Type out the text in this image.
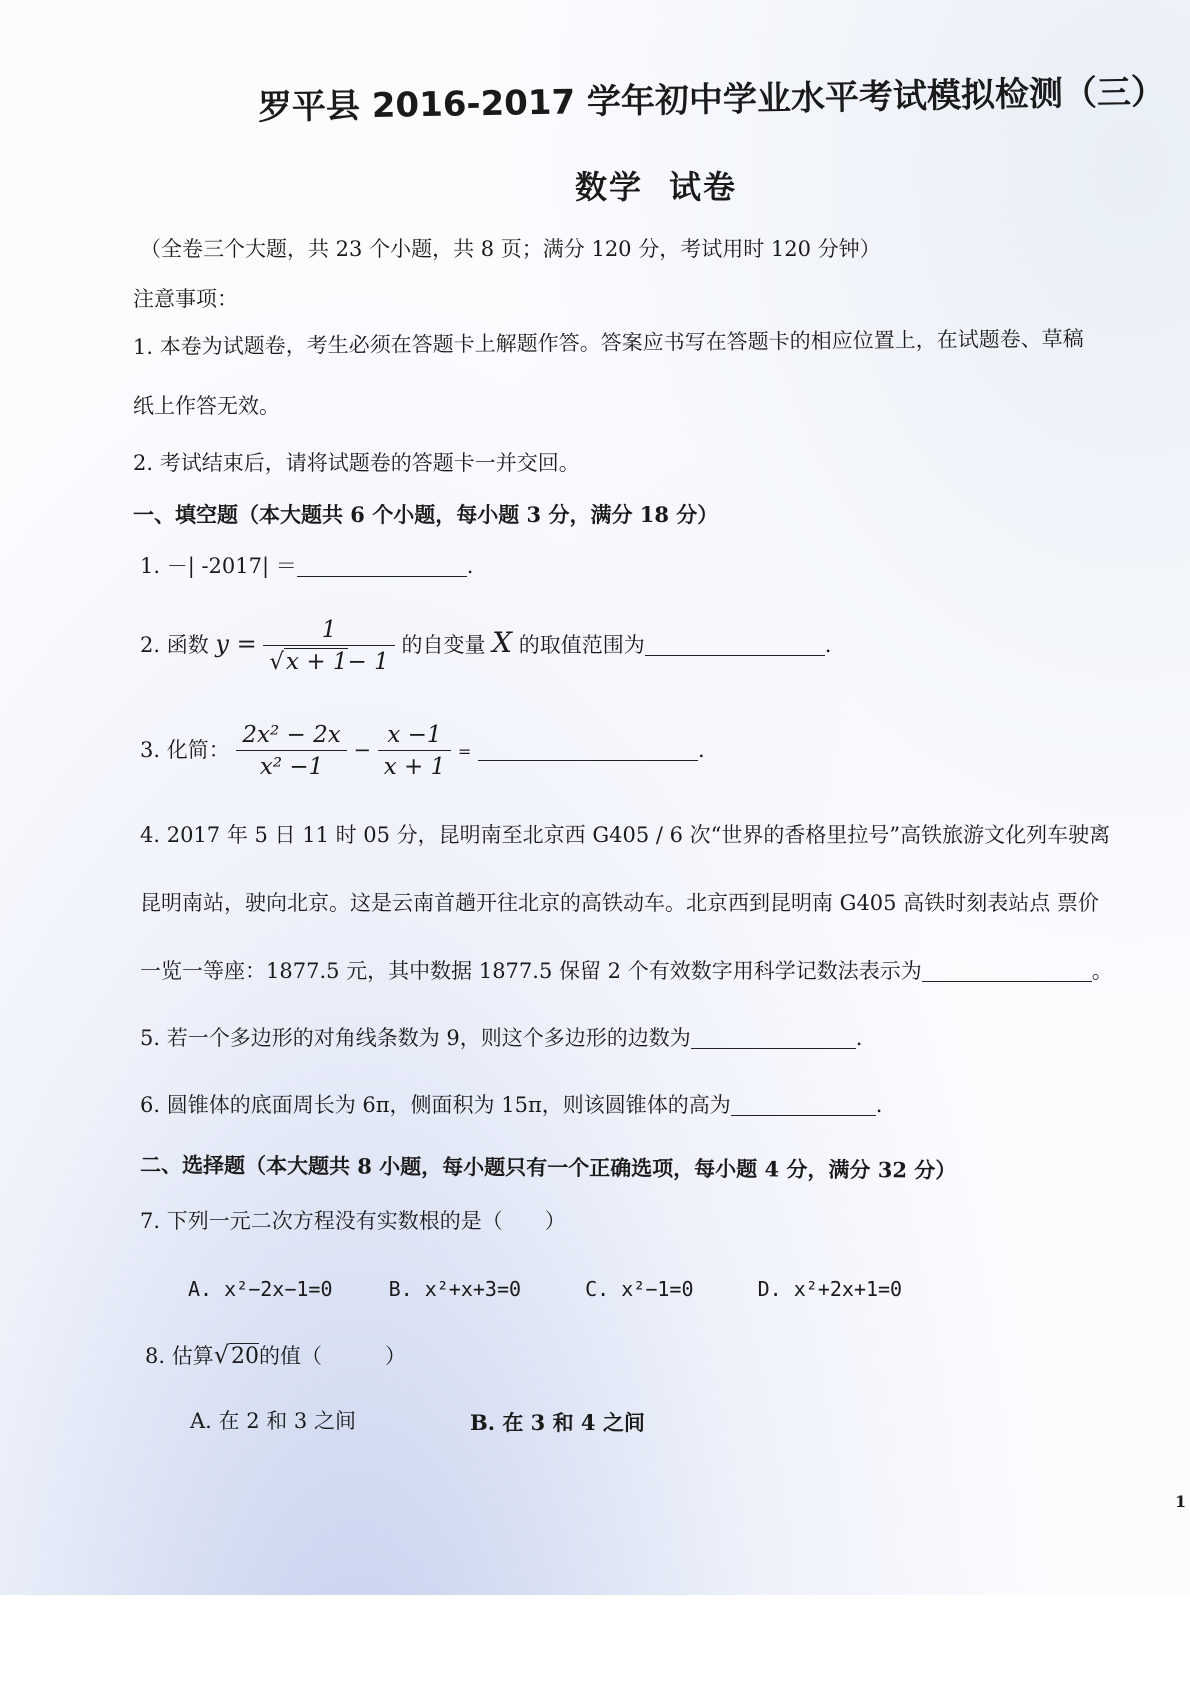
罗平县 2016-2017 学年初中学业水平考试模拟检测（三）
数学 试卷
（全卷三个大题，共 23 个小题，共 8 页；满分 120 分，考试用时 120 分钟）
注意事项：
1. 本卷为试题卷，考生必须在答题卡上解题作答。答案应书写在答题卡的相应位置上，在试题卷、草稿
纸上作答无效。
2. 考试结束后，请将试题卷的答题卡一并交回。
一、填空题（本大题共 6 个小题，每小题 3 分，满分 18 分）
1. －| -2017| ＝	.
2. 函数 $y = \frac{1}{√x + 1- 1}$ 的自变量 X 的取值范围为	.
3. 化简： $\frac{\text{2x² − 2x}}{\text{x² −1}} - \frac{x -1}{x + 1}$ =	.
4. 2017 年 5 日 11 时 05 分，昆明南至北京西 G405 / 6 次“世界的香格里拉号”高铁旅游文化列车驶离
昆明南站，驶向北京。这是云南首趟开往北京的高铁动车。北京西到昆明南 G405 高铁时刻表站点 票价
一览一等座：1877.5 元，其中数据 1877.5 保留 2 个有效数字用科学记数法表示为	。
5. 若一个多边形的对角线条数为 9，则这个多边形的边数为	.
6. 圆锥体的底面周长为 6π，侧面积为 15π，则该圆锥体的高为	.
二、选择题（本大题共 8 小题，每小题只有一个正确选项，每小题 4 分，满分 32 分）
7. 下列一元二次方程没有实数根的是（　　）
A. x²−2x−1=0	B. x²+x+3=0	C. x²−1=0	D. x²+2x+1=0
8. 估算√20的值（　　　）
A. 在 2 和 3 之间	B. 在 3 和 4 之间
1
